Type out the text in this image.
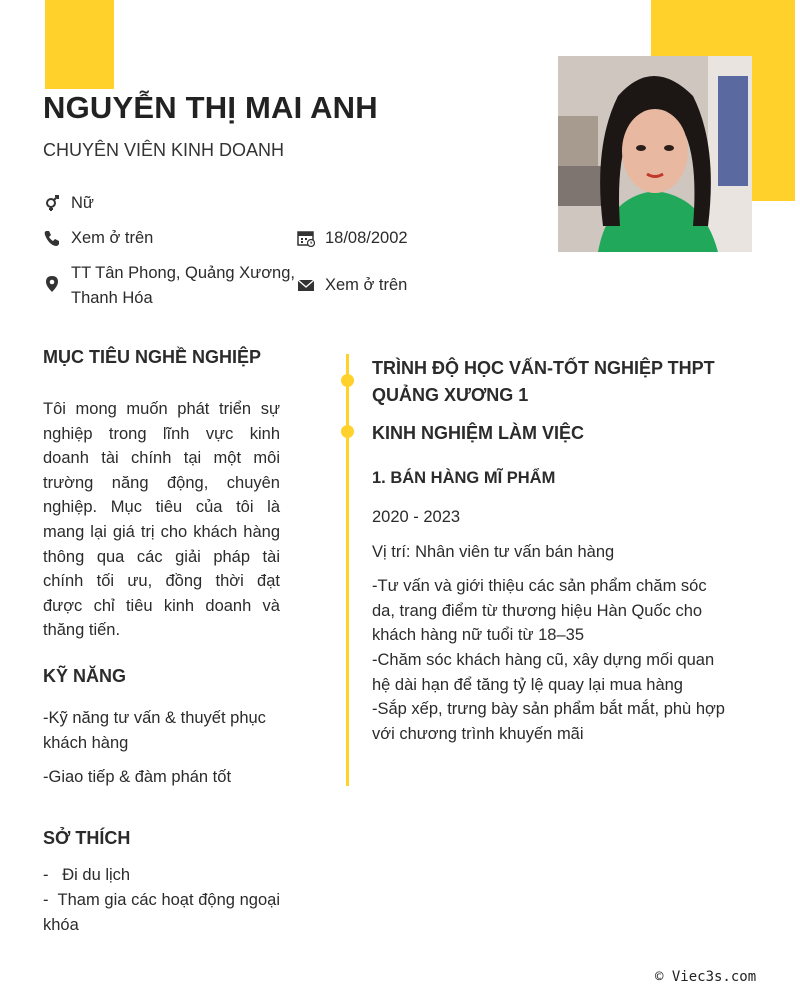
NGUYỄN THỊ MAI ANH
CHUYÊN VIÊN KINH DOANH
Nữ
Xem ở trên	18/08/2002
TT Tân Phong, Quảng Xương,
Thanh Hóa
Xem ở trên
MỤC TIÊU NGHỀ NGHIỆP
Tôi mong muốn phát triển sự nghiệp trong lĩnh vực kinh doanh tài chính tại một môi trường năng động, chuyên nghiệp. Mục tiêu của tôi là mang lại giá trị cho khách hàng thông qua các giải pháp tài chính tối ưu, đồng thời đạt được chỉ tiêu kinh doanh và thăng tiến.
KỸ NĂNG
-Kỹ năng tư vấn & thuyết phục khách hàng
-Giao tiếp & đàm phán tốt
SỞ THÍCH
-   Đi du lịch
-  Tham gia các hoạt động ngoại khóa
TRÌNH ĐỘ HỌC VẤN-TỐT NGHIỆP THPT QUẢNG XƯƠNG 1
KINH NGHIỆM LÀM VIỆC
1. BÁN HÀNG MĨ PHẨM
2020 - 2023
Vị trí: Nhân viên tư vấn bán hàng
-Tư vấn và giới thiệu các sản phẩm chăm sóc da, trang điểm từ thương hiệu Hàn Quốc cho khách hàng nữ tuổi từ 18–35
-Chăm sóc khách hàng cũ, xây dựng mối quan hệ dài hạn để tăng tỷ lệ quay lại mua hàng
-Sắp xếp, trưng bày sản phẩm bắt mắt, phù hợp với chương trình khuyến mãi
© Viec3s.com
